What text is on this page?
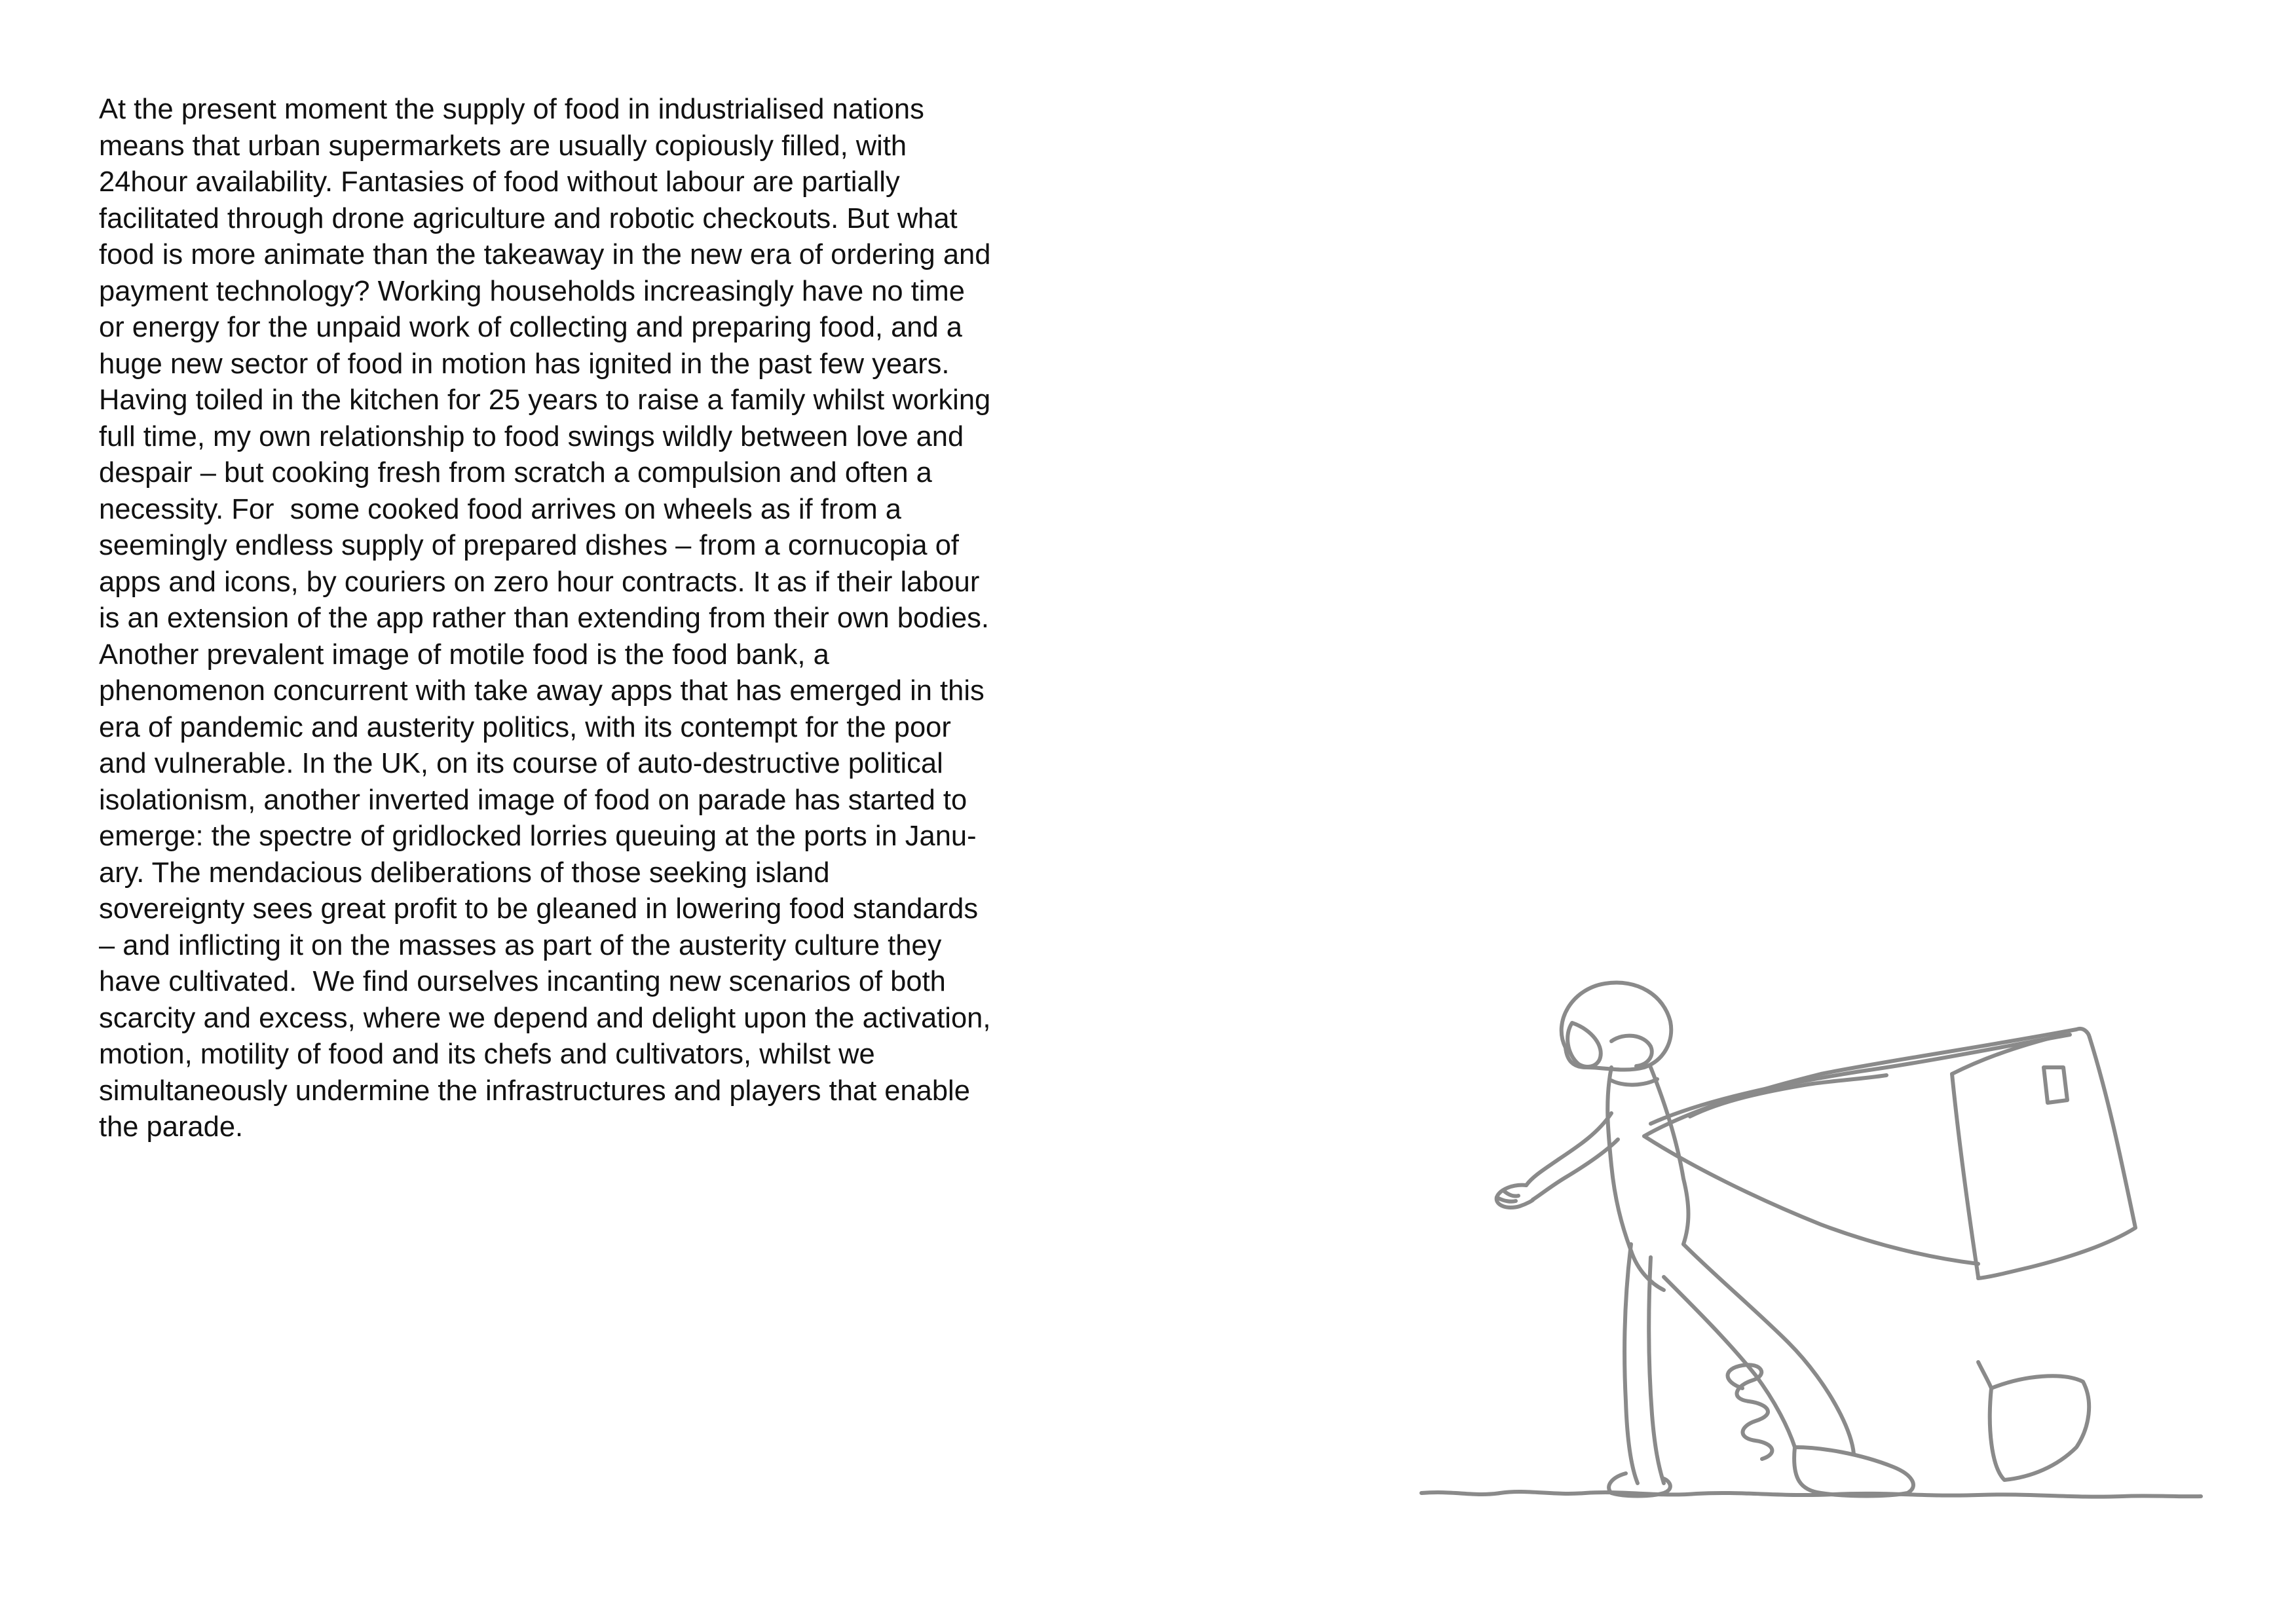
At the present moment the supply of food in industrialised nations
means that urban supermarkets are usually copiously filled, with
24hour availability. Fantasies of food without labour are partially
facilitated through drone agriculture and robotic checkouts. But what
food is more animate than the takeaway in the new era of ordering and
payment technology? Working households increasingly have no time
or energy for the unpaid work of collecting and preparing food, and a
huge new sector of food in motion has ignited in the past few years.
Having toiled in the kitchen for 25 years to raise a family whilst working
full time, my own relationship to food swings wildly between love and
despair – but cooking fresh from scratch a compulsion and often a
necessity. For  some cooked food arrives on wheels as if from a
seemingly endless supply of prepared dishes – from a cornucopia of
apps and icons, by couriers on zero hour contracts. It as if their labour
is an extension of the app rather than extending from their own bodies.
Another prevalent image of motile food is the food bank, a
phenomenon concurrent with take away apps that has emerged in this
era of pandemic and austerity politics, with its contempt for the poor
and vulnerable. In the UK, on its course of auto-destructive political
isolationism, another inverted image of food on parade has started to
emerge: the spectre of gridlocked lorries queuing at the ports in Janu-
ary. The mendacious deliberations of those seeking island
sovereignty sees great profit to be gleaned in lowering food standards
– and inflicting it on the masses as part of the austerity culture they
have cultivated.  We find ourselves incanting new scenarios of both
scarcity and excess, where we depend and delight upon the activation,
motion, motility of food and its chefs and cultivators, whilst we
simultaneously undermine the infrastructures and players that enable
the parade.
